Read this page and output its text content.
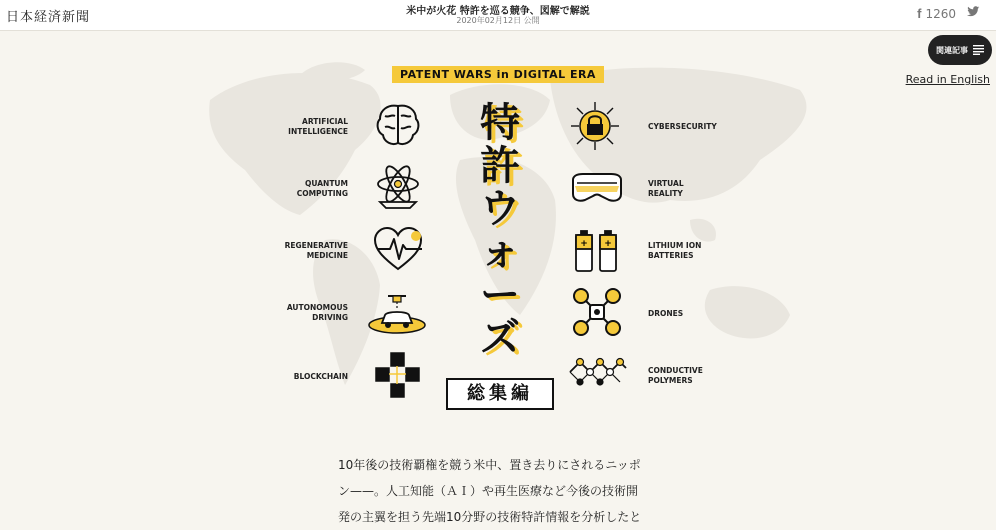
日本経済新聞	米中が火花 特許を巡る競争、図解で解説
2020年02月12日 公開	f 1260
関連記事
Read in English
PATENT WARS in DIGITAL ERA
特
許
ウ
ォ
ー
ズ
総集編
ARTIFICIAL
INTELLIGENCE
QUANTUM
COMPUTING
REGENERATIVE
MEDICINE
AUTONOMOUS
DRIVING
BLOCKCHAIN
CYBERSECURITY
VIRTUAL
REALITY
LITHIUM ION
BATTERIES
DRONES
CONDUCTIVE
POLYMERS
+ +

10年後の技術覇権を競う米中、置き去りにされるニッポ

ン——。人工知能（ＡＩ）や再生医療など今後の技術開

発の主翼を担う先端10分野の技術特許情報を分析したと
